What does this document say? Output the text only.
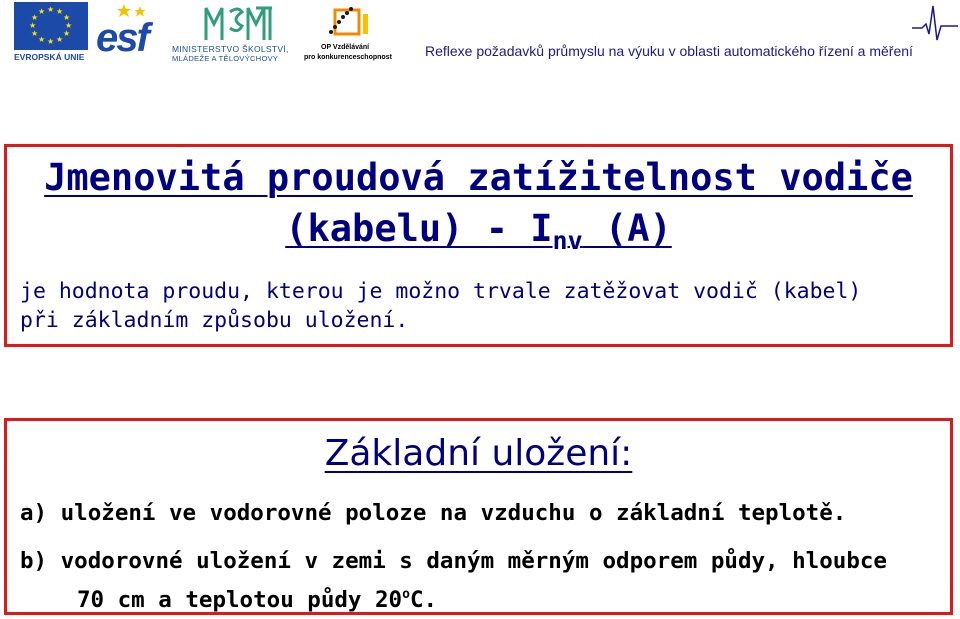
★ ★
★
★
★
★
★
★
★
★
★
★
EVROPSKÁ UNIE esf	MINISTERSTVO ŠKOLSTVÍ,
MLÁDEŽE A TĚLOVÝCHOVY
OP Vzdělávání
pro konkurenceschopnost Reflexe požadavků průmyslu na výuku v oblasti automatického řízení a měření
Jmenovitá proudová zatížitelnost vodiče
(kabelu) - $I_{nv}$ (A)
je hodnota proudu, kterou je možno trvale zatěžovat vodič (kabel)
při základním způsobu uložení.
Základní uložení:
a) uložení ve vodorovné poloze na vzduchu o základní teplotě.
b) vodorovné uložení v zemi s daným měrným odporem půdy, hloubce
70 cm a teplotou půdy 20$^o$C.
